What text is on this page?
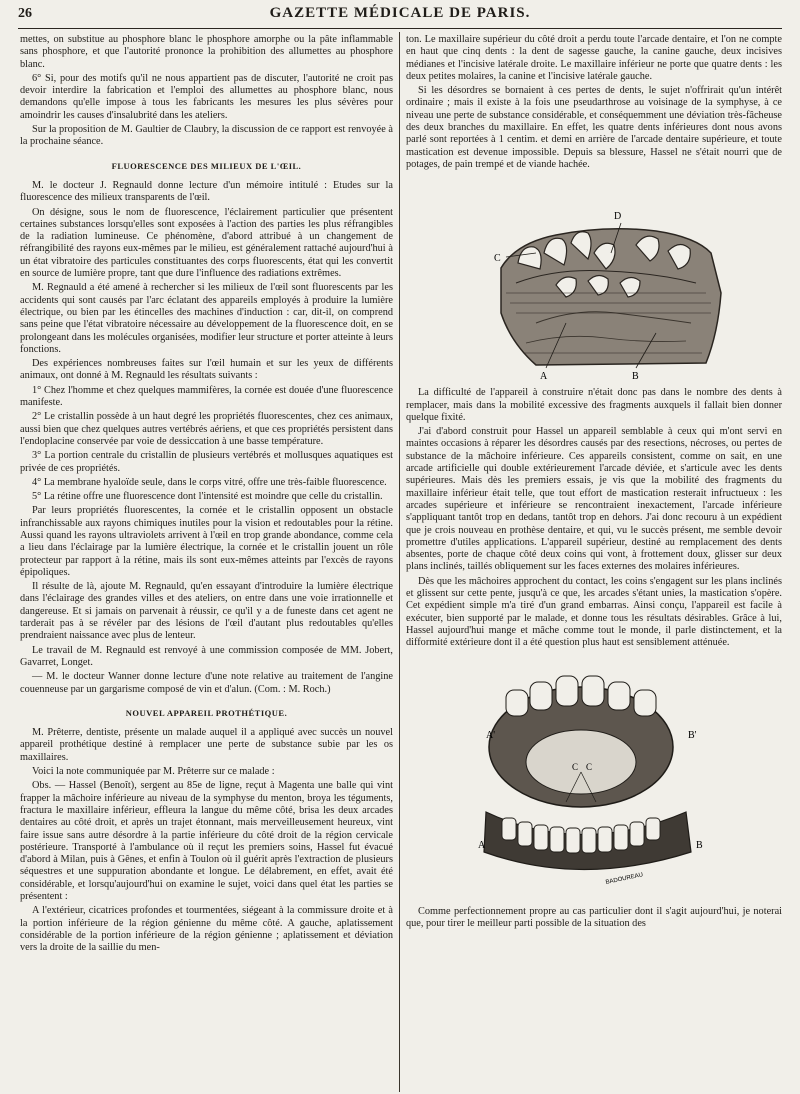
26	GAZETTE MÉDICALE DE PARIS.

mettes, on substitue au phosphore blanc le phosphore amorphe ou la pâte inflammable sans phosphore, et que l'autorité prononce la prohibition des allumettes au phosphore blanc.

6° Si, pour des motifs qu'il ne nous appartient pas de discuter, l'autorité ne croit pas devoir interdire la fabrication et l'emploi des allumettes au phosphore blanc, nous demandons qu'elle impose à tous les fabricants les mesures les plus sévères pour amoindrir les causes d'insalubrité dans les ateliers.

Sur la proposition de M. Gaultier de Claubry, la discussion de ce rapport est renvoyée à la prochaine séance.

FLUORESCENCE DES MILIEUX DE L'ŒIL.

M. le docteur J. Regnauld donne lecture d'un mémoire intitulé : Etudes sur la fluorescence des milieux transparents de l'œil.

On désigne, sous le nom de fluorescence, l'éclairement particulier que présentent certaines substances lorsqu'elles sont exposées à l'action des parties les plus réfrangibles de la radiation lumineuse. Ce phénomène, d'abord attribué à un changement de réfrangibilité des rayons eux-mêmes par le milieu, est généralement rattaché aujourd'hui à un état vibratoire des particules constituantes des corps fluorescents, état qui les convertit en source de lumière propre, tant que dure l'influence des radiations extrêmes.

M. Regnauld a été amené à rechercher si les milieux de l'œil sont fluorescents par les accidents qui sont causés par l'arc éclatant des appareils employés à produire la lumière électrique, ou bien par les étincelles des machines d'induction : car, dit-il, on comprend sans peine que l'état vibratoire nécessaire au développement de la fluorescence doit, en se prolongeant dans les molécules organisées, modifier leur structure et porter atteinte à leurs fonctions.

Des expériences nombreuses faites sur l'œil humain et sur les yeux de différents animaux, ont donné à M. Regnauld les résultats suivants :

1° Chez l'homme et chez quelques mammifères, la cornée est douée d'une fluorescence manifeste.

2° Le cristallin possède à un haut degré les propriétés fluorescentes, chez ces animaux, aussi bien que chez quelques autres vertébrés aériens, et que ces propriétés persistent dans l'endoplacine conservée par voie de dessiccation à une basse température.

3° La portion centrale du cristallin de plusieurs vertébrés et mollusques aquatiques est privée de ces propriétés.

4° La membrane hyaloïde seule, dans le corps vitré, offre une très-faible fluorescence.

5° La rétine offre une fluorescence dont l'intensité est moindre que celle du cristallin.

Par leurs propriétés fluorescentes, la cornée et le cristallin opposent un obstacle infranchissable aux rayons chimiques inutiles pour la vision et redoutables pour la rétine. Aussi quand les rayons ultraviolets arrivent à l'œil en trop grande abondance, comme cela a lieu dans l'éclairage par la lumière électrique, la cornée et le cristallin jouent un rôle protecteur par rapport à la rétine, mais ils sont eux-mêmes atteints par l'excès de rayons épipoliques.

Il résulte de là, ajoute M. Regnauld, qu'en essayant d'introduire la lumière électrique dans l'éclairage des grandes villes et des ateliers, on entre dans une voie irrationnelle et dangereuse. Et si jamais on parvenait à réussir, ce qu'il y a de funeste dans cet agent ne tarderait pas à se révéler par des lésions de l'œil d'autant plus redoutables qu'elles prendraient naissance avec plus de lenteur.

Le travail de M. Regnauld est renvoyé à une commission composée de MM. Jobert, Gavarret, Longet.

— M. le docteur Wanner donne lecture d'une note relative au traitement de l'angine couenneuse par un gargarisme composé de vin et d'alun. (Com. : M. Roch.)

NOUVEL APPAREIL PROTHÉTIQUE.

M. Prêterre, dentiste, présente un malade auquel il a appliqué avec succès un nouvel appareil prothétique destiné à remplacer une perte de substance subie par les os maxillaires.

Voici la note communiquée par M. Prêterre sur ce malade :

Obs. — Hassel (Benoît), sergent au 85e de ligne, reçut à Magenta une balle qui vint frapper la mâchoire inférieure au niveau de la symphyse du menton, broya les téguments, fractura le maxillaire inférieur, effleura la langue du même côté, brisa les deux arcades dentaires au côté droit, et après un trajet étonnant, mais merveilleusement heureux, vint faire issue sans autre désordre à la partie inférieure du côté droit de la région cervicale postérieure. Transporté à l'ambulance où il reçut les premiers soins, Hassel fut évacué d'abord à Milan, puis à Gênes, et enfin à Toulon où il guérit après l'extraction de plusieurs séquestres et une suppuration abondante et longue. Le délabrement, en effet, avait été considérable, et lorsqu'aujourd'hui on examine le sujet, voici dans quel état les parties se présentent :

A l'extérieur, cicatrices profondes et tourmentées, siégeant à la commissure droite et à la portion inférieure de la région génienne du même côté. A gauche, aplatissement considérable de la portion inférieure de la région génienne ; aplatissement et déviation vers la droite de la saillie du men-

ton. Le maxillaire supérieur du côté droit a perdu toute l'arcade dentaire, et l'on ne compte en haut que cinq dents : la dent de sagesse gauche, la canine gauche, deux incisives médianes et l'incisive latérale droite. Le maxillaire inférieur ne porte que quatre dents : les deux petites molaires, la canine et l'incisive latérale gauche.

Si les désordres se bornaient à ces pertes de dents, le sujet n'offrirait qu'un intérêt ordinaire ; mais il existe à la fois une pseudarthrose au voisinage de la symphyse, à ce niveau une perte de substance considérable, et conséquemment une déviation très-fâcheuse des deux branches du maxillaire. En effet, les quatre dents inférieures dont nous avons parlé sont reportées à 1 centim. et demi en arrière de l'arcade dentaire supérieure, et toute mastication est devenue impossible. Depuis sa blessure, Hassel ne s'était nourri que de potages, de pain trempé et de viande hachée.

D
C
A	B

La difficulté de l'appareil à construire n'était donc pas dans le nombre des dents à remplacer, mais dans la mobilité excessive des fragments auxquels il fallait bien donner quelque fixité.

J'ai d'abord construit pour Hassel un appareil semblable à ceux qui m'ont servi en maintes occasions à réparer les désordres causés par des resections, nécroses, ou pertes de substance de la mâchoire inférieure. Ces appareils consistent, comme on sait, en une arcade artificielle qui double extérieurement l'arcade déviée, et s'articule avec les dents supérieures. Mais dès les premiers essais, je vis que la mobilité des fragments du maxillaire inférieur était telle, que tout effort de mastication resterait infructueux : les arcades supérieure et inférieure se rencontraient inexactement, l'arcade inférieure s'appliquant tantôt trop en dedans, tantôt trop en dehors. J'ai donc recouru à un expédient que je crois nouveau en prothèse dentaire, et qui, vu le succès présent, me semble devoir promettre d'utiles applications. L'appareil supérieur, destiné au remplacement des dents absentes, porte de chaque côté deux coins qui vont, à frottement doux, glisser sur deux plans inclinés, taillés obliquement sur les faces externes des molaires inférieures.

Dès que les mâchoires approchent du contact, les coins s'engagent sur les plans inclinés et glissent sur cette pente, jusqu'à ce que, les arcades s'étant unies, la mastication s'opère. Cet expédient simple m'a tiré d'un grand embarras. Ainsi conçu, l'appareil est facile à exécuter, bien supporté par le malade, et donne tous les résultats désirables. Grâce à lui, Hassel aujourd'hui mange et mâche comme tout le monde, il parle distinctement, et la difformité extérieure dont il a été question plus haut est sensiblement atténuée.

A'	B'
C C
A	B
BADOUREAU

Comme perfectionnement propre au cas particulier dont il s'agit aujourd'hui, je noterai que, pour tirer le meilleur parti possible de la situation des
